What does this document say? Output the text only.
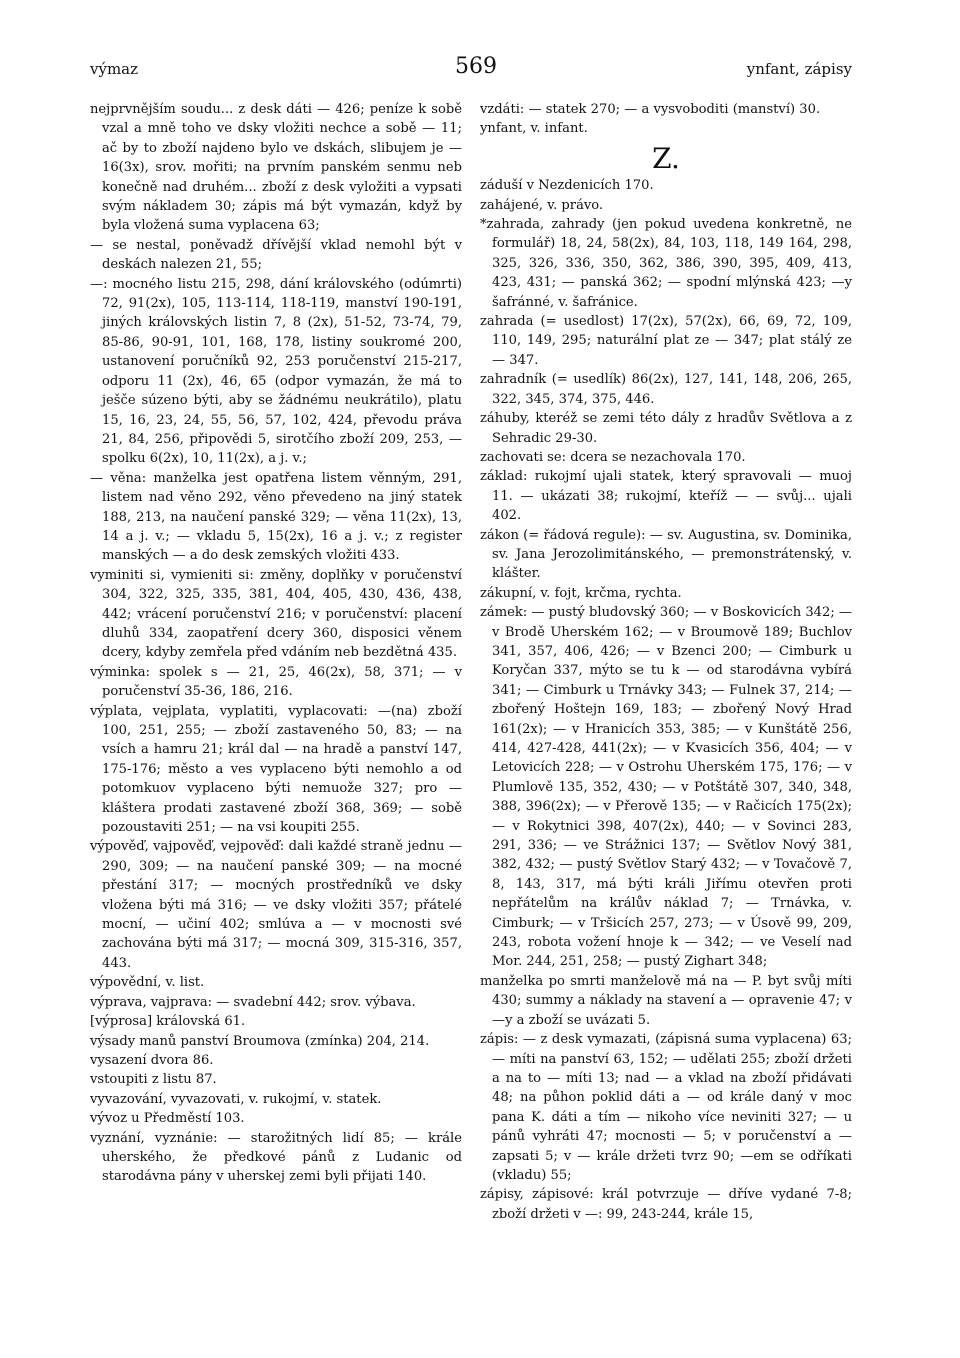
výmaz	569	ynfant, zápisy

nejprvnějším soudu... z desk dáti — 426; peníze k sobě vzal a mně toho ve dsky vložiti nechce a sobě — 11; ač by to zboží najdeno bylo ve dskách, slibujem je — 16(3x), srov. mořiti; na prvním panském senmu neb konečně nad druhém... zboží z desk vyložiti a vypsati svým nákladem 30; zápis má být vymazán, když by byla vložená suma vyplacena 63;

— se nestal, poněvadž dřívější vklad nemohl být v deskách nalezen 21, 55;

—: mocného listu 215, 298, dání královského (odúmrti) 72, 91(2x), 105, 113-114, 118-119, manství 190-191, jiných královských listin 7, 8 (2x), 51-52, 73-74, 79, 85-86, 90-91, 101, 168, 178, listiny soukromé 200, ustanovení poručníků 92, 253 poručenství 215-217, odporu 11 (2x), 46, 65 (odpor vymazán, že má to ješče súzeno býti, aby se žádnému neukrátilo), platu 15, 16, 23, 24, 55, 56, 57, 102, 424, převodu práva 21, 84, 256, připovědi 5, sirotčího zboží 209, 253, — spolku 6(2x), 10, 11(2x), a j. v.;

— věna: manželka jest opatřena listem věnným, 291, listem nad věno 292, věno převedeno na jiný statek 188, 213, na naučení panské 329; — věna 11(2x), 13, 14 a j. v.; — vkladu 5, 15(2x), 16 a j. v.; z register manských — a do desk zemských vložiti 433.

vyminiti si, vymieniti si: změny, doplňky v poručenství 304, 322, 325, 335, 381, 404, 405, 430, 436, 438, 442; vrácení poručenství 216; v poručenství: placení dluhů 334, zaopatření dcery 360, disposici věnem dcery, kdyby zemřela před vdáním neb bezdětná 435.

výminka: spolek s — 21, 25, 46(2x), 58, 371; — v poručenství 35-36, 186, 216.

výplata, vejplata, vyplatiti, vyplacovati: —(na) zboží 100, 251, 255; — zboží zastaveného 50, 83; — na vsích a hamru 21; král dal — na hradě a panství 147, 175-176; město a ves vyplaceno býti nemohlo a od potomkuov vyplaceno býti nemuože 327; pro — kláštera prodati zastavené zboží 368, 369; — sobě pozoustaviti 251; — na vsi koupiti 255.

výpověď, vajpověď, vejpověď: dali každé straně jednu — 290, 309; — na naučení panské 309; — na mocné přestání 317; — mocných prostředníků ve dsky vložena býti má 316; — ve dsky vložiti 357; přátelé mocní, — učiní 402; smlúva a — v mocnosti své zachována býti má 317; — mocná 309, 315-316, 357, 443.

výpovědní, v. list.

výprava, vajprava: — svadební 442; srov. výbava.

[výprosa] královská 61.

výsady manů panství Broumova (zmínka) 204, 214.

vysazení dvora 86.

vstoupiti z listu 87.

vyvazování, vyvazovati, v. rukojmí, v. statek.

vývoz u Předměstí 103.

vyznání, vyznánie: — starožitných lidí 85; — krále uherského, že předkové pánů z Ludanic od starodávna pány v uherskej zemi byli přijati 140.

vzdáti: — statek 270; — a vysvoboditi (manství) 30.

ynfant, v. infant.

Z.

záduší v Nezdenicích 170.

zahájené, v. právo.

*zahrada, zahrady (jen pokud uvedena konkretně, ne formulář) 18, 24, 58(2x), 84, 103, 118, 149 164, 298, 325, 326, 336, 350, 362, 386, 390, 395, 409, 413, 423, 431; — panská 362; — spodní mlýnská 423; —y šafránné, v. šafránice.

zahrada (= usedlost) 17(2x), 57(2x), 66, 69, 72, 109, 110, 149, 295; naturální plat ze — 347; plat stálý ze — 347.

zahradník (= usedlík) 86(2x), 127, 141, 148, 206, 265, 322, 345, 374, 375, 446.

záhuby, kteréž se zemi této dály z hradův Světlova a z Sehradic 29-30.

zachovati se: dcera se nezachovala 170.

základ: rukojmí ujali statek, který spravovali — muoj 11. — ukázati 38; rukojmí, kteříž — — svůj... ujali 402.

zákon (= řádová regule): — sv. Augustina, sv. Dominika, sv. Jana Jerozolimitánského, — premonstrátenský, v. klášter.

zákupní, v. fojt, krčma, rychta.

zámek: — pustý bludovský 360; — v Boskovicích 342; — v Brodě Uherském 162; — v Broumově 189; Buchlov 341, 357, 406, 426; — v Bzenci 200; — Cimburk u Koryčan 337, mýto se tu k — od starodávna vybírá 341; — Cimburk u Trnávky 343; — Fulnek 37, 214; — zbořený Hoštejn 169, 183; — zbořený Nový Hrad 161(2x); — v Hranicích 353, 385; — v Kunštátě 256, 414, 427-428, 441(2x); — v Kvasicích 356, 404; — v Letovicích 228; — v Ostrohu Uherském 175, 176; — v Plumlově 135, 352, 430; — v Potštátě 307, 340, 348, 388, 396(2x); — v Přerově 135; — v Račicích 175(2x); — v Rokytnici 398, 407(2x), 440; — v Sovinci 283, 291, 336; — ve Strážnici 137; — Světlov Nový 381, 382, 432; — pustý Světlov Starý 432; — v Tovačově 7, 8, 143, 317, má býti králi Jiřímu otevřen proti nepřátelům na králův náklad 7; — Trnávka, v. Cimburk; — v Tršicích 257, 273; — v Úsově 99, 209, 243, robota vožení hnoje k — 342; — ve Veselí nad Mor. 244, 251, 258; — pustý Zighart 348;

manželka po smrti manželově má na — P. byt svůj míti 430; summy a náklady na stavení a — opravenie 47; v —y a zboží se uvázati 5.

zápis: — z desk vymazati, (zápisná suma vyplacena) 63; — míti na panství 63, 152; — udělati 255; zboží držeti a na to — míti 13; nad — a vklad na zboží přidávati 48; na půhon poklid dáti a — od krále daný v moc pana K. dáti a tím — nikoho více neviniti 327; — u pánů vyhráti 47; mocnosti — 5; v poručenství a — zapsati 5; v — krále držeti tvrz 90; —em se odříkati (vkladu) 55;

zápisy, zápisové: král potvrzuje — dříve vydané 7-8; zboží držeti v —: 99, 243-244, krále 15,
